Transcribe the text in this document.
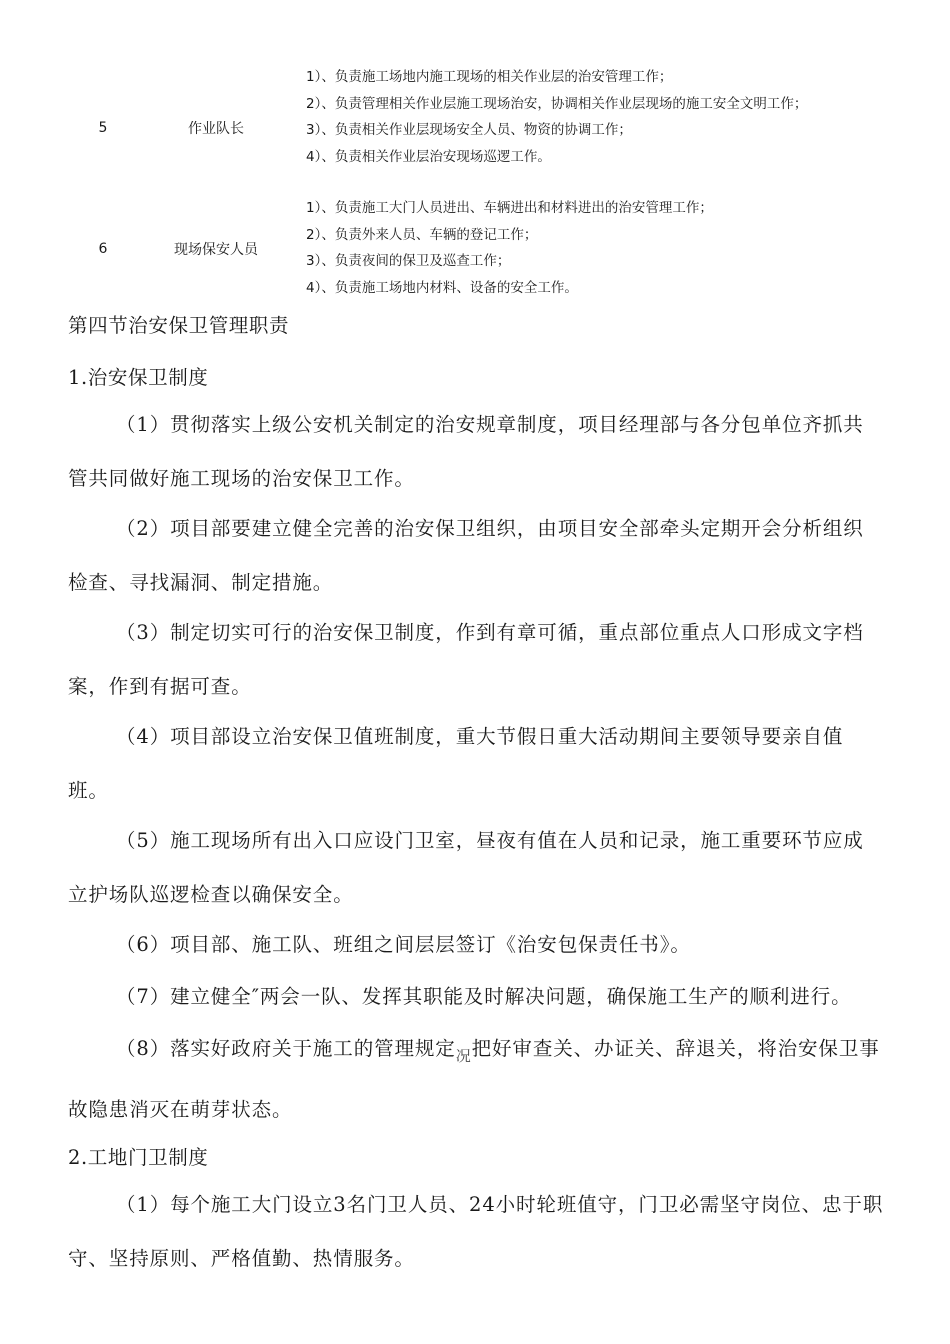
5	作业队长
1）、负责施工场地内施工现场的相关作业层的治安管理工作；
2）、负责管理相关作业层施工现场治安，协调相关作业层现场的施工安全文明工作；
3）、负责相关作业层现场安全人员、物资的协调工作；
4）、负责相关作业层治安现场巡逻工作。
6	现场保安人员
1）、负责施工大门人员进出、车辆进出和材料进出的治安管理工作；
2）、负责外来人员、车辆的登记工作；
3）、负责夜间的保卫及巡查工作；
4）、负责施工场地内材料、设备的安全工作。
第四节治安保卫管理职责
1.治安保卫制度
（1）贯彻落实上级公安机关制定的治安规章制度，项目经理部与各分包单位齐抓共管共同做好施工现场的治安保卫工作。
（2）项目部要建立健全完善的治安保卫组织，由项目安全部牵头定期开会分析组织检查、寻找漏洞、制定措施。
（3）制定切实可行的治安保卫制度，作到有章可循，重点部位重点人口形成文字档案，作到有据可查。
（4）项目部设立治安保卫值班制度，重大节假日重大活动期间主要领导要亲自值班。
（5）施工现场所有出入口应设门卫室，昼夜有值在人员和记录，施工重要环节应成立护场队巡逻检查以确保安全。
（6）项目部、施工队、班组之间层层签订《治安包保责任书》。
（7）建立健全″两会一队、发挥其职能及时解决问题，确保施工生产的顺利进行。
（8）落实好政府关于施工的管理规定$_况$把好审查关、办证关、辞退关，将治安保卫事故隐患消灭在萌芽状态。
2.工地门卫制度
（1）每个施工大门设立3名门卫人员、24小时轮班值守，门卫必需坚守岗位、忠于职守、坚持原则、严格值勤、热情服务。
